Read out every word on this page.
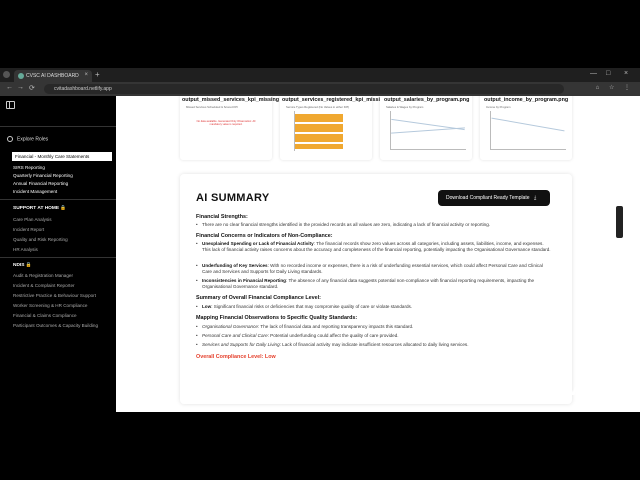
CVSC AI DASHBOARD × +	— □ ×
← → ⟳	cvitadashboard.netlify.app	⌂ ☆ ⋮
Explore Roles
Financial - Monthly Care Statements
SIRS Reporting
Quarterly Financial Reporting
Annual Financial Reporting
Incident Management
SUPPORT AT HOME 🔒
Care Plan Analysis
Incident Report
Quality and Risk Reporting
HR Analysis
NDIS 🔒
Audit & Registration Manager
Incident & Complaint Reporter
Restrictive Practice & Behaviour Support
Worker Screening & HR Compliance
Financial & Claims Compliance
Participant Outcomes & Capacity Building
output_missed_services_kpi_missing
Missed Services Scheduled & Scored KPI
No data available. Generated Only Observation: All mandatory value is required.
output_services_registered_kpi_missi
Service Types Registered (No Values in either KPI)
output_salaries_by_program.png
Salaries & Wages by Program
output_income_by_program.png
Income by Program
AI SUMMARY	Download Compliant Ready Template ⤓
Financial Strengths:
• There are no clear financial strengths identified in the provided records as all values are zero, indicating a lack of financial activity or reporting.
Financial Concerns or Indicators of Non-Compliance:
• Unexplained Spending or Lack of Financial Activity: The financial records show zero values across all categories, including assets, liabilities, income, and expenses. This lack of financial activity raises concerns about the accuracy and completeness of the financial reporting, potentially impacting the Organisational Governance standard.
• Underfunding of Key Services: With no recorded income or expenses, there is a risk of underfunding essential services, which could affect Personal Care and Clinical Care and Services and Supports for Daily Living standards.
• Inconsistencies in Financial Reporting: The absence of any financial data suggests potential non-compliance with financial reporting requirements, impacting the Organisational Governance standard.
Summary of Overall Financial Compliance Level:
• Low: Significant financial risks or deficiencies that may compromise quality of care or violate standards.
Mapping Financial Observations to Specific Quality Standards:
• Organisational Governance: The lack of financial data and reporting transparency impacts this standard.
• Personal Care and Clinical Care: Potential underfunding could affect the quality of care provided.
• Services and Supports for Daily Living: Lack of financial activity may indicate insufficient resources allocated to daily living services.
Overall Compliance Level: Low
vimeo
